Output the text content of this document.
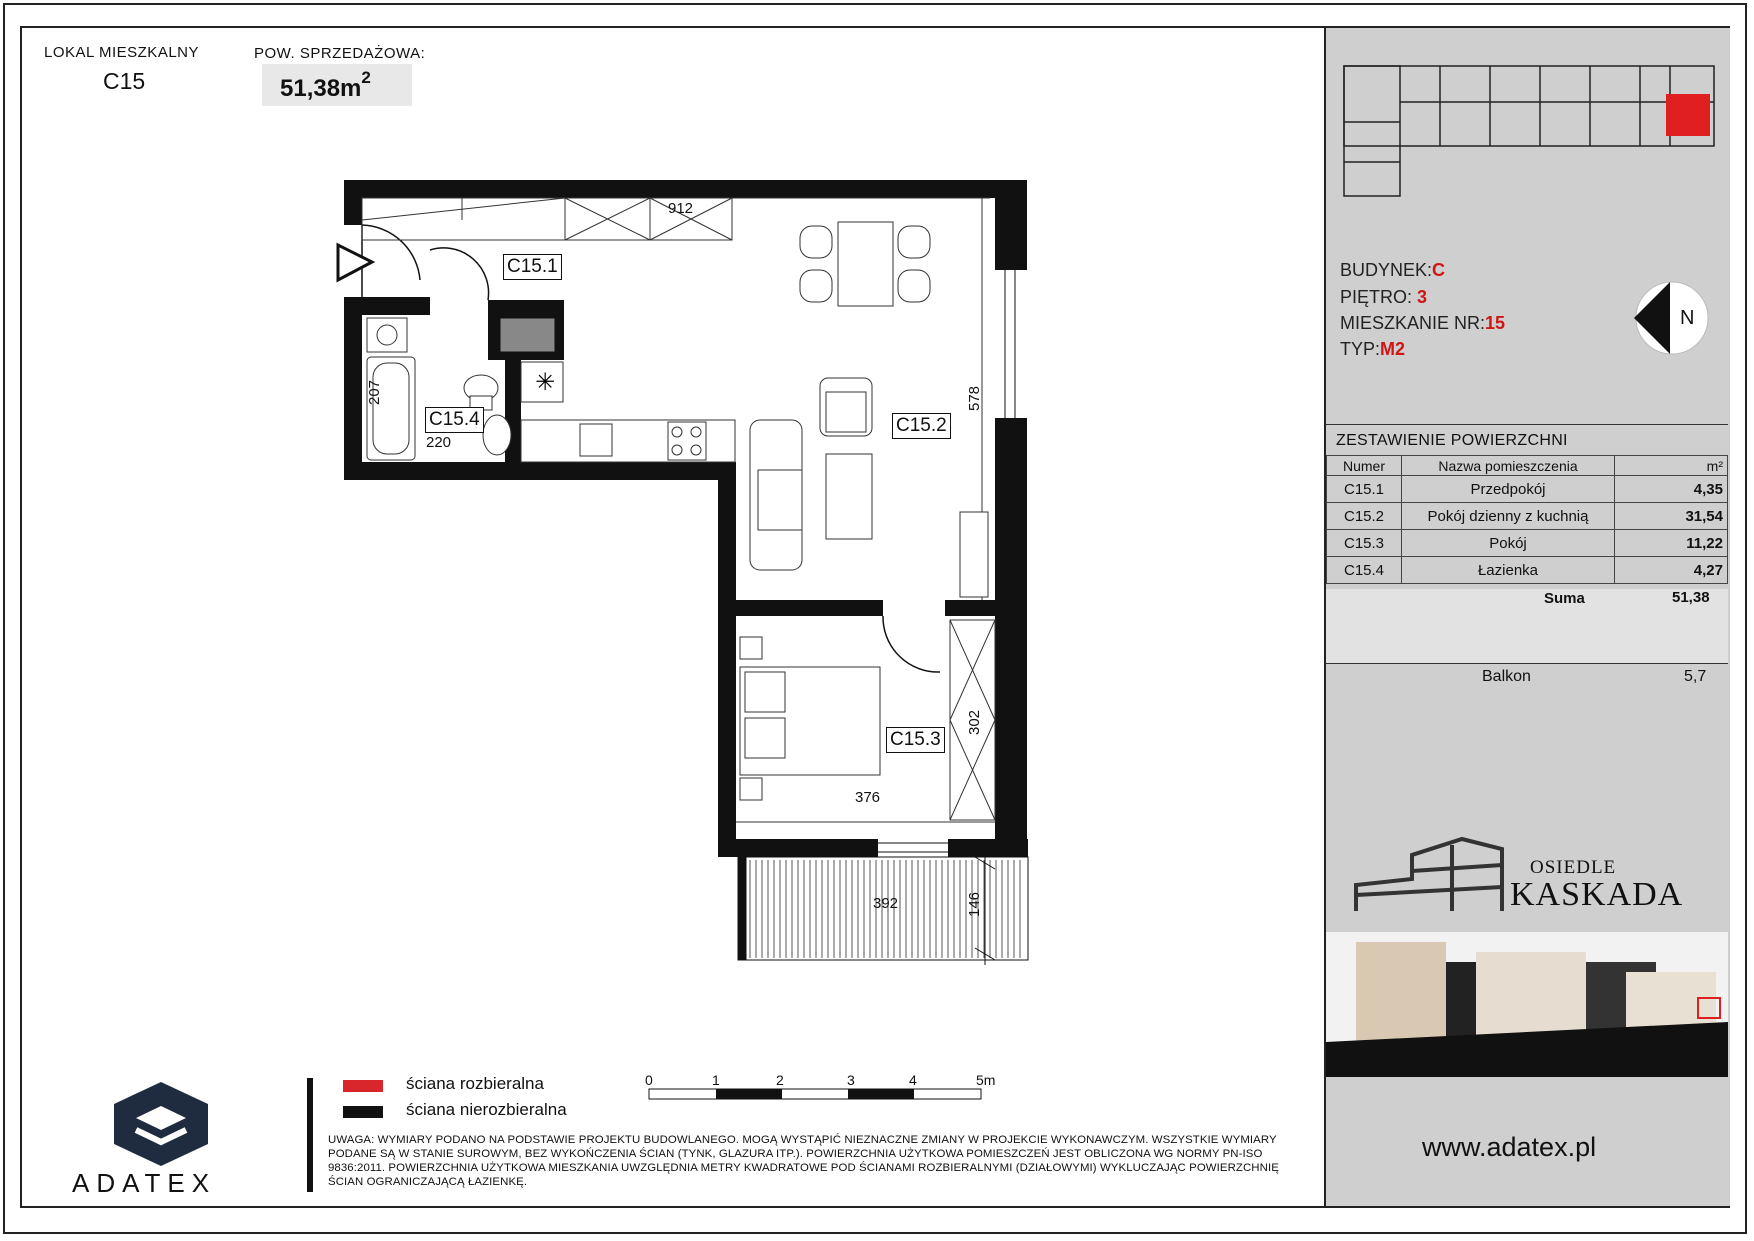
LOKAL MIESZKALNY
C15
POW. SPRZEDAŻOWA:
$51,38m^2$
✳
C15.1
C15.2
C15.3
C15.4
912
578
207
220
302
376
392	146
BUDYNEK:C
PIĘTRO: 3
MIESZKANIE NR:15
TYP:M2
N
ZESTAWIENIE POWIERZCHNI
Numer	Nazwa pomieszczenia	m²
C15.1	Przedpokój	4,35
C15.2	Pokój dzienny z kuchnią	31,54
C15.3	Pokój	11,22
C15.4	Łazienka	4,27
Suma	51,38
Balkon	5,7
OSIEDLE
KASKADA
www.adatex.pl
ADATEX
ściana rozbieralna
ściana nierozbieralna
0	1	2	3	4	5m
UWAGA: WYMIARY PODANO NA PODSTAWIE PROJEKTU BUDOWLANEGO. MOGĄ WYSTĄPIĆ NIEZNACZNE ZMIANY W PROJEKCIE WYKONAWCZYM. WSZYSTKIE WYMIARY PODANE SĄ W STANIE SUROWYM, BEZ WYKOŃCZENIA ŚCIAN (TYNK, GLAZURA ITP.). POWIERZCHNIA UŻYTKOWA POMIESZCZEŃ JEST OBLICZONA WG NORMY PN-ISO 9836:2011. POWIERZCHNIA UŻYTKOWA MIESZKANIA UWZGLĘDNIA METRY KWADRATOWE POD ŚCIANAMI ROZBIERALNYMI (DZIAŁOWYMI) WYKLUCZAJĄC POWIERZCHNIĘ ŚCIAN OGRANICZAJĄCĄ ŁAZIENKĘ.
